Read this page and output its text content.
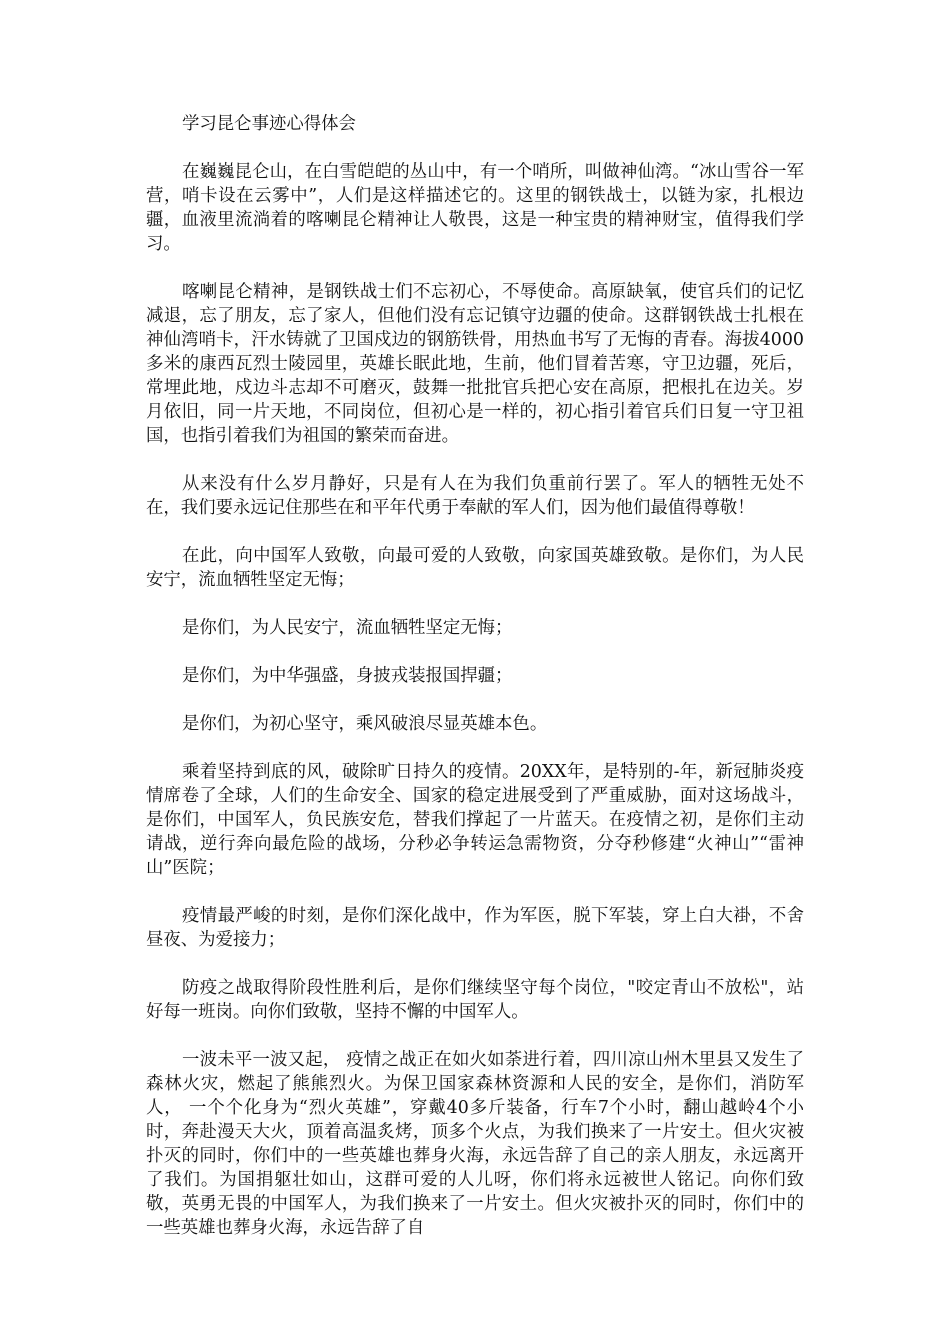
学习昆仑事迹心得体会

在巍巍昆仑山，在白雪皑皑的丛山中，有一个哨所，叫做神仙湾。“冰山雪谷一军营，哨卡设在云雾中”，人们是这样描述它的。这里的钢铁战士，以链为家，扎根边疆，血液里流淌着的喀喇昆仑精神让人敬畏，这是一种宝贵的精神财宝，值得我们学习。

喀喇昆仑精神，是钢铁战士们不忘初心，不辱使命。高原缺氧，使官兵们的记忆减退，忘了朋友，忘了家人，但他们没有忘记镇守边疆的使命。这群钢铁战士扎根在神仙湾哨卡，汗水铸就了卫国戍边的钢筋铁骨，用热血书写了无悔的青春。海拔4000多米的康西瓦烈士陵园里，英雄长眠此地，生前，他们冒着苦寒，守卫边疆，死后，常埋此地，戍边斗志却不可磨灭，鼓舞一批批官兵把心安在高原，把根扎在边关。岁月依旧，同一片天地，不同岗位，但初心是一样的，初心指引着官兵们日复一守卫祖国，也指引着我们为祖国的繁荣而奋进。

从来没有什么岁月静好，只是有人在为我们负重前行罢了。军人的牺牲无处不在，我们要永远记住那些在和平年代勇于奉献的军人们，因为他们最值得尊敬！

在此，向中国军人致敬，向最可爱的人致敬，向家国英雄致敬。是你们，为人民安宁，流血牺牲坚定无悔；

是你们，为人民安宁，流血牺牲坚定无悔；

是你们，为中华强盛，身披戎装报国捍疆；

是你们，为初心坚守，乘风破浪尽显英雄本色。

乘着坚持到底的风，破除旷日持久的疫情。20XX年，是特别的-年，新冠肺炎疫情席卷了全球，人们的生命安全、国家的稳定进展受到了严重威胁，面对这场战斗，是你们，中国军人，负民族安危，替我们撑起了一片蓝天。在疫情之初，是你们主动请战，逆行奔向最危险的战场，分秒必争转运急需物资，分夺秒修建“火神山”“雷神山”医院；

疫情最严峻的时刻，是你们深化战中，作为军医，脱下军装，穿上白大褂，不舍昼夜、为爱接力；

防疫之战取得阶段性胜利后，是你们继续坚守每个岗位，"咬定青山不放松"，站好每一班岗。向你们致敬，坚持不懈的中国军人。

一波未平一波又起， 疫情之战正在如火如荼进行着，四川凉山州木里县又发生了森林火灾，燃起了熊熊烈火。为保卫国家森林资源和人民的安全，是你们，消防军人， 一个个化身为“烈火英雄”，穿戴40多斤装备，行车7个小时，翻山越岭4个小时，奔赴漫天大火，顶着高温炙烤，顶多个火点，为我们换来了一片安土。但火灾被扑灭的同时，你们中的一些英雄也葬身火海，永远告辞了自己的亲人朋友，永远离开了我们。为国捐躯壮如山，这群可爱的人儿呀，你们将永远被世人铭记。向你们致敬，英勇无畏的中国军人，为我们换来了一片安土。但火灾被扑灭的同时，你们中的一些英雄也葬身火海，永远告辞了自
